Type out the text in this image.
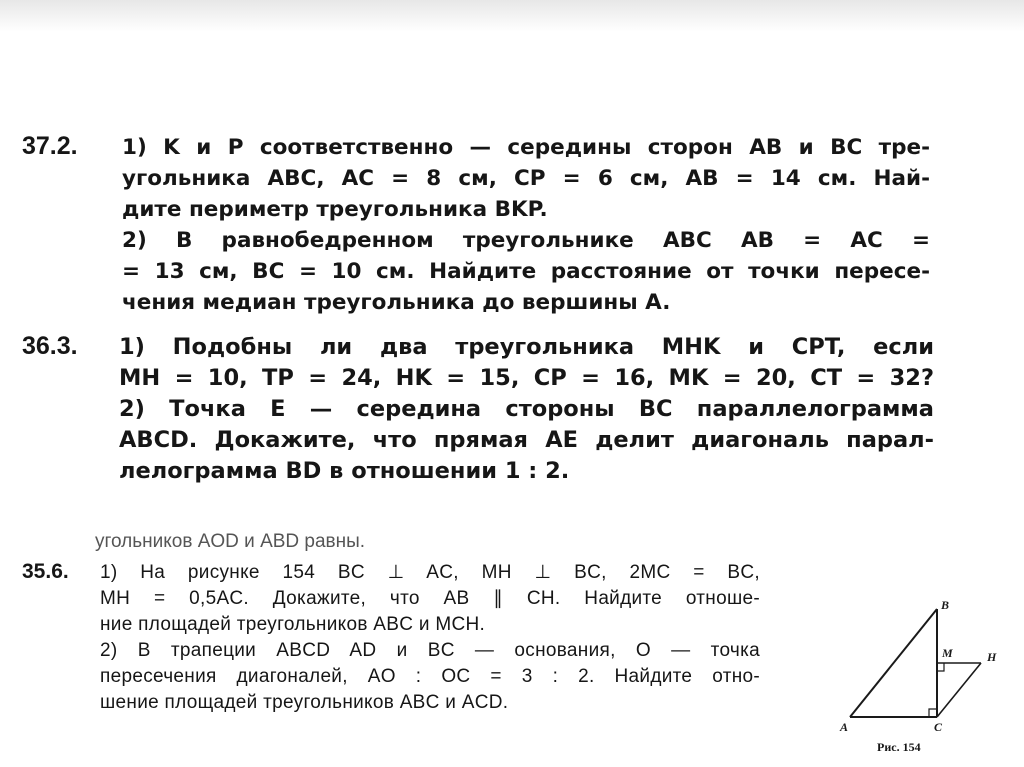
37.2. 1) K и P соответственно — середины сторон AB и BC тре-
угольника ABC, AC = 8 см, CP = 6 см, AB = 14 см. Най-
дите периметр треугольника BKP.
2) В равнобедренном треугольнике ABC AB = AC =
= 13 см, BC = 10 см. Найдите расстояние от точки пересе-
чения медиан треугольника до вершины A.
36.3. 1) Подобны ли два треугольника MHK и CPT, если
MH = 10, TP = 24, HK = 15, CP = 16, MK = 20, CT = 32?
2) Точка E — середина стороны BC параллелограмма
ABCD. Докажите, что прямая AE делит диагональ парал-
лелограмма BD в отношении 1 : 2.
угольников AOD и ABD равны.
35.6. 1) На рисунке 154 BC ⊥ AC, MH ⊥ BC, 2MC = BC,
MH = 0,5AC. Докажите, что AB ∥ CH. Найдите отноше-
ние площадей треугольников ABC и MCH.
2) В трапеции ABCD AD и BC — основания, O — точка
пересечения диагоналей, AO : OC = 3 : 2. Найдите отно-
шение площадей треугольников ABC и ACD.
B
M	H
A	C
Рис. 154
